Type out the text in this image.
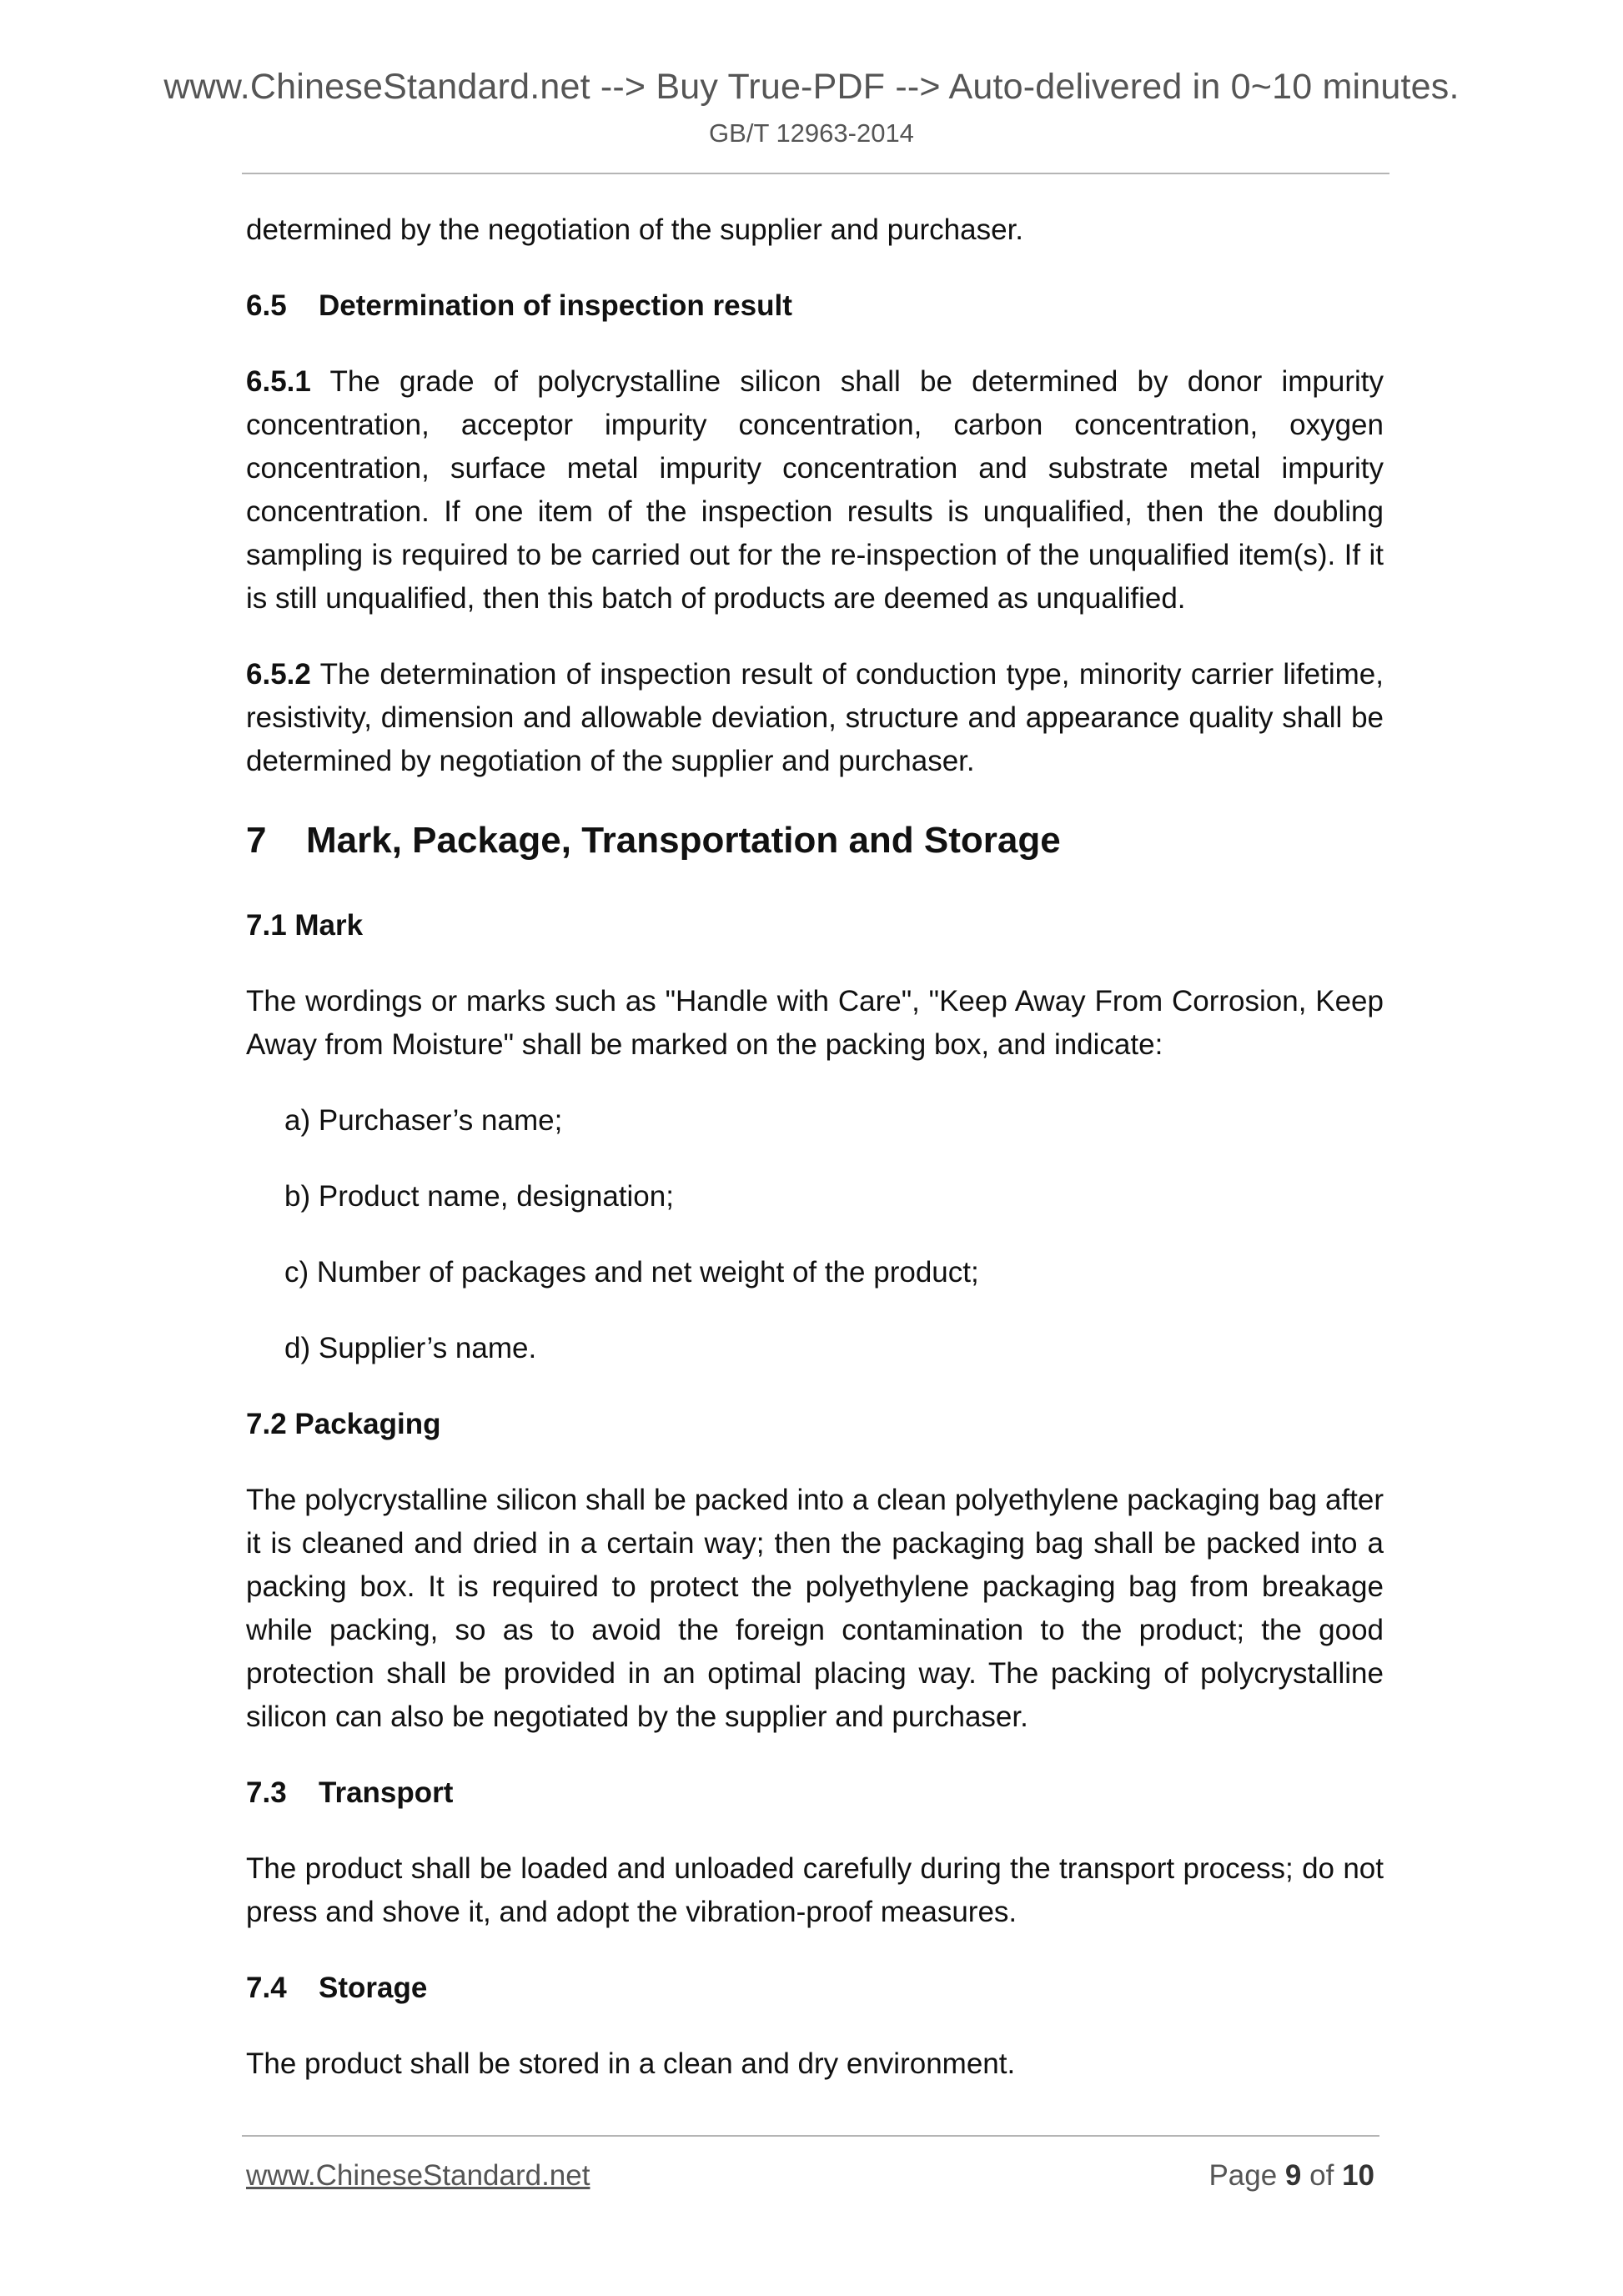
www.ChineseStandard.net --> Buy True-PDF --> Auto-delivered in 0~10 minutes.
GB/T 12963-2014

determined by the negotiation of the supplier and purchaser.

6.5 Determination of inspection result

6.5.1 The grade of polycrystalline silicon shall be determined by donor impurity concentration, acceptor impurity concentration, carbon concentration, oxygen concentration, surface metal impurity concentration and substrate metal impurity concentration. If one item of the inspection results is unqualified, then the doubling sampling is required to be carried out for the re-inspection of the unqualified item(s). If it is still unqualified, then this batch of products are deemed as unqualified.

6.5.2 The determination of inspection result of conduction type, minority carrier lifetime, resistivity, dimension and allowable deviation, structure and appearance quality shall be determined by negotiation of the supplier and purchaser.

7 Mark, Package, Transportation and Storage
7.1 Mark

The wordings or marks such as "Handle with Care", "Keep Away From Corrosion, Keep Away from Moisture" shall be marked on the packing box, and indicate:

a) Purchaser’s name;
b) Product name, designation;
c) Number of packages and net weight of the product;
d) Supplier’s name.
7.2 Packaging

The polycrystalline silicon shall be packed into a clean polyethylene packaging bag after it is cleaned and dried in a certain way; then the packaging bag shall be packed into a packing box. It is required to protect the polyethylene packaging bag from breakage while packing, so as to avoid the foreign contamination to the product; the good protection shall be provided in an optimal placing way. The packing of polycrystalline silicon can also be negotiated by the supplier and purchaser.

7.3 Transport

The product shall be loaded and unloaded carefully during the transport process; do not press and shove it, and adopt the vibration-proof measures.

7.4 Storage

The product shall be stored in a clean and dry environment.

www.ChineseStandard.net	Page 9 of 10
